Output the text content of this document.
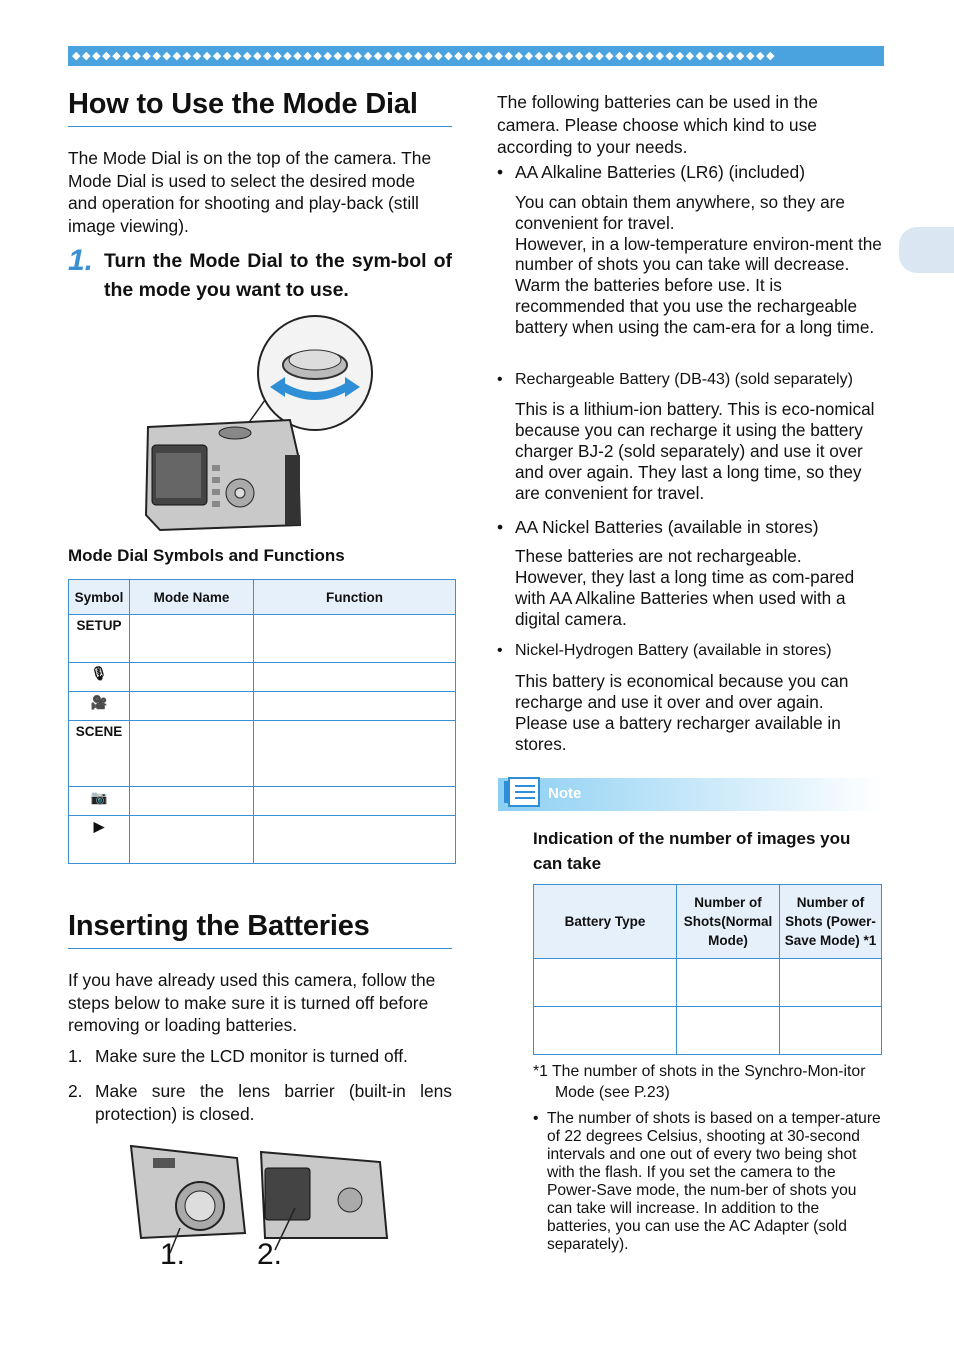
◆◆◆◆◆◆◆◆◆◆◆◆◆◆◆◆◆◆◆◆◆◆◆◆◆◆◆◆◆◆◆◆◆◆◆◆◆◆◆◆◆◆◆◆◆◆◆◆◆◆◆◆◆◆◆◆◆◆◆◆◆◆◆◆◆◆◆◆◆◆
How to Use the Mode Dial

The Mode Dial is on the top of the camera. The Mode Dial is used to select the desired mode and operation for shooting and play-back (still image viewing).

1. Turn the Mode Dial to the sym-bol of the mode you want to use.
Mode Dial Symbols and Functions
Symbol	Mode Name	Function
SETUP		
🎙		
🎥		
SCENE		
📷		
▶		
Inserting the Batteries

If you have already used this camera, follow the steps below to make sure it is turned off before removing or loading batteries.

1. Make sure the LCD monitor is turned off.
2. Make sure the lens barrier (built-in lens protection) is closed.
1. 2.

The following batteries can be used in the camera. Please choose which kind to use according to your needs.

• AA Alkaline Batteries (LR6) (included)
You can obtain them anywhere, so they are convenient for travel.
However, in a low-temperature environ-ment the number of shots you can take will decrease. Warm the batteries before use. It is recommended that you use the rechargeable battery when using the cam-era for a long time.
• Rechargeable Battery (DB-43) (sold separately)
This is a lithium-ion battery. This is eco-nomical because you can recharge it using the battery charger BJ-2 (sold separately) and use it over and over again. They last a long time, so they are convenient for travel.
• AA Nickel Batteries (available in stores)
These batteries are not rechargeable. However, they last a long time as com-pared with AA Alkaline Batteries when used with a digital camera.
• Nickel-Hydrogen Battery (available in stores)
This battery is economical because you can recharge and use it over and over again. Please use a battery recharger available in stores.
Note
Indication of the number of images you can take
Battery Type	Number of Shots(Normal Mode)	Number of Shots (Power-Save Mode) *1

*1 The number of shots in the Synchro-Mon-itor Mode (see P.23)
• The number of shots is based on a temper-ature of 22 degrees Celsius, shooting at 30-second intervals and one out of every two being shot with the flash. If you set the camera to the Power-Save mode, the num-ber of shots you can take will increase. In addition to the batteries, you can use the AC Adapter (sold separately).
